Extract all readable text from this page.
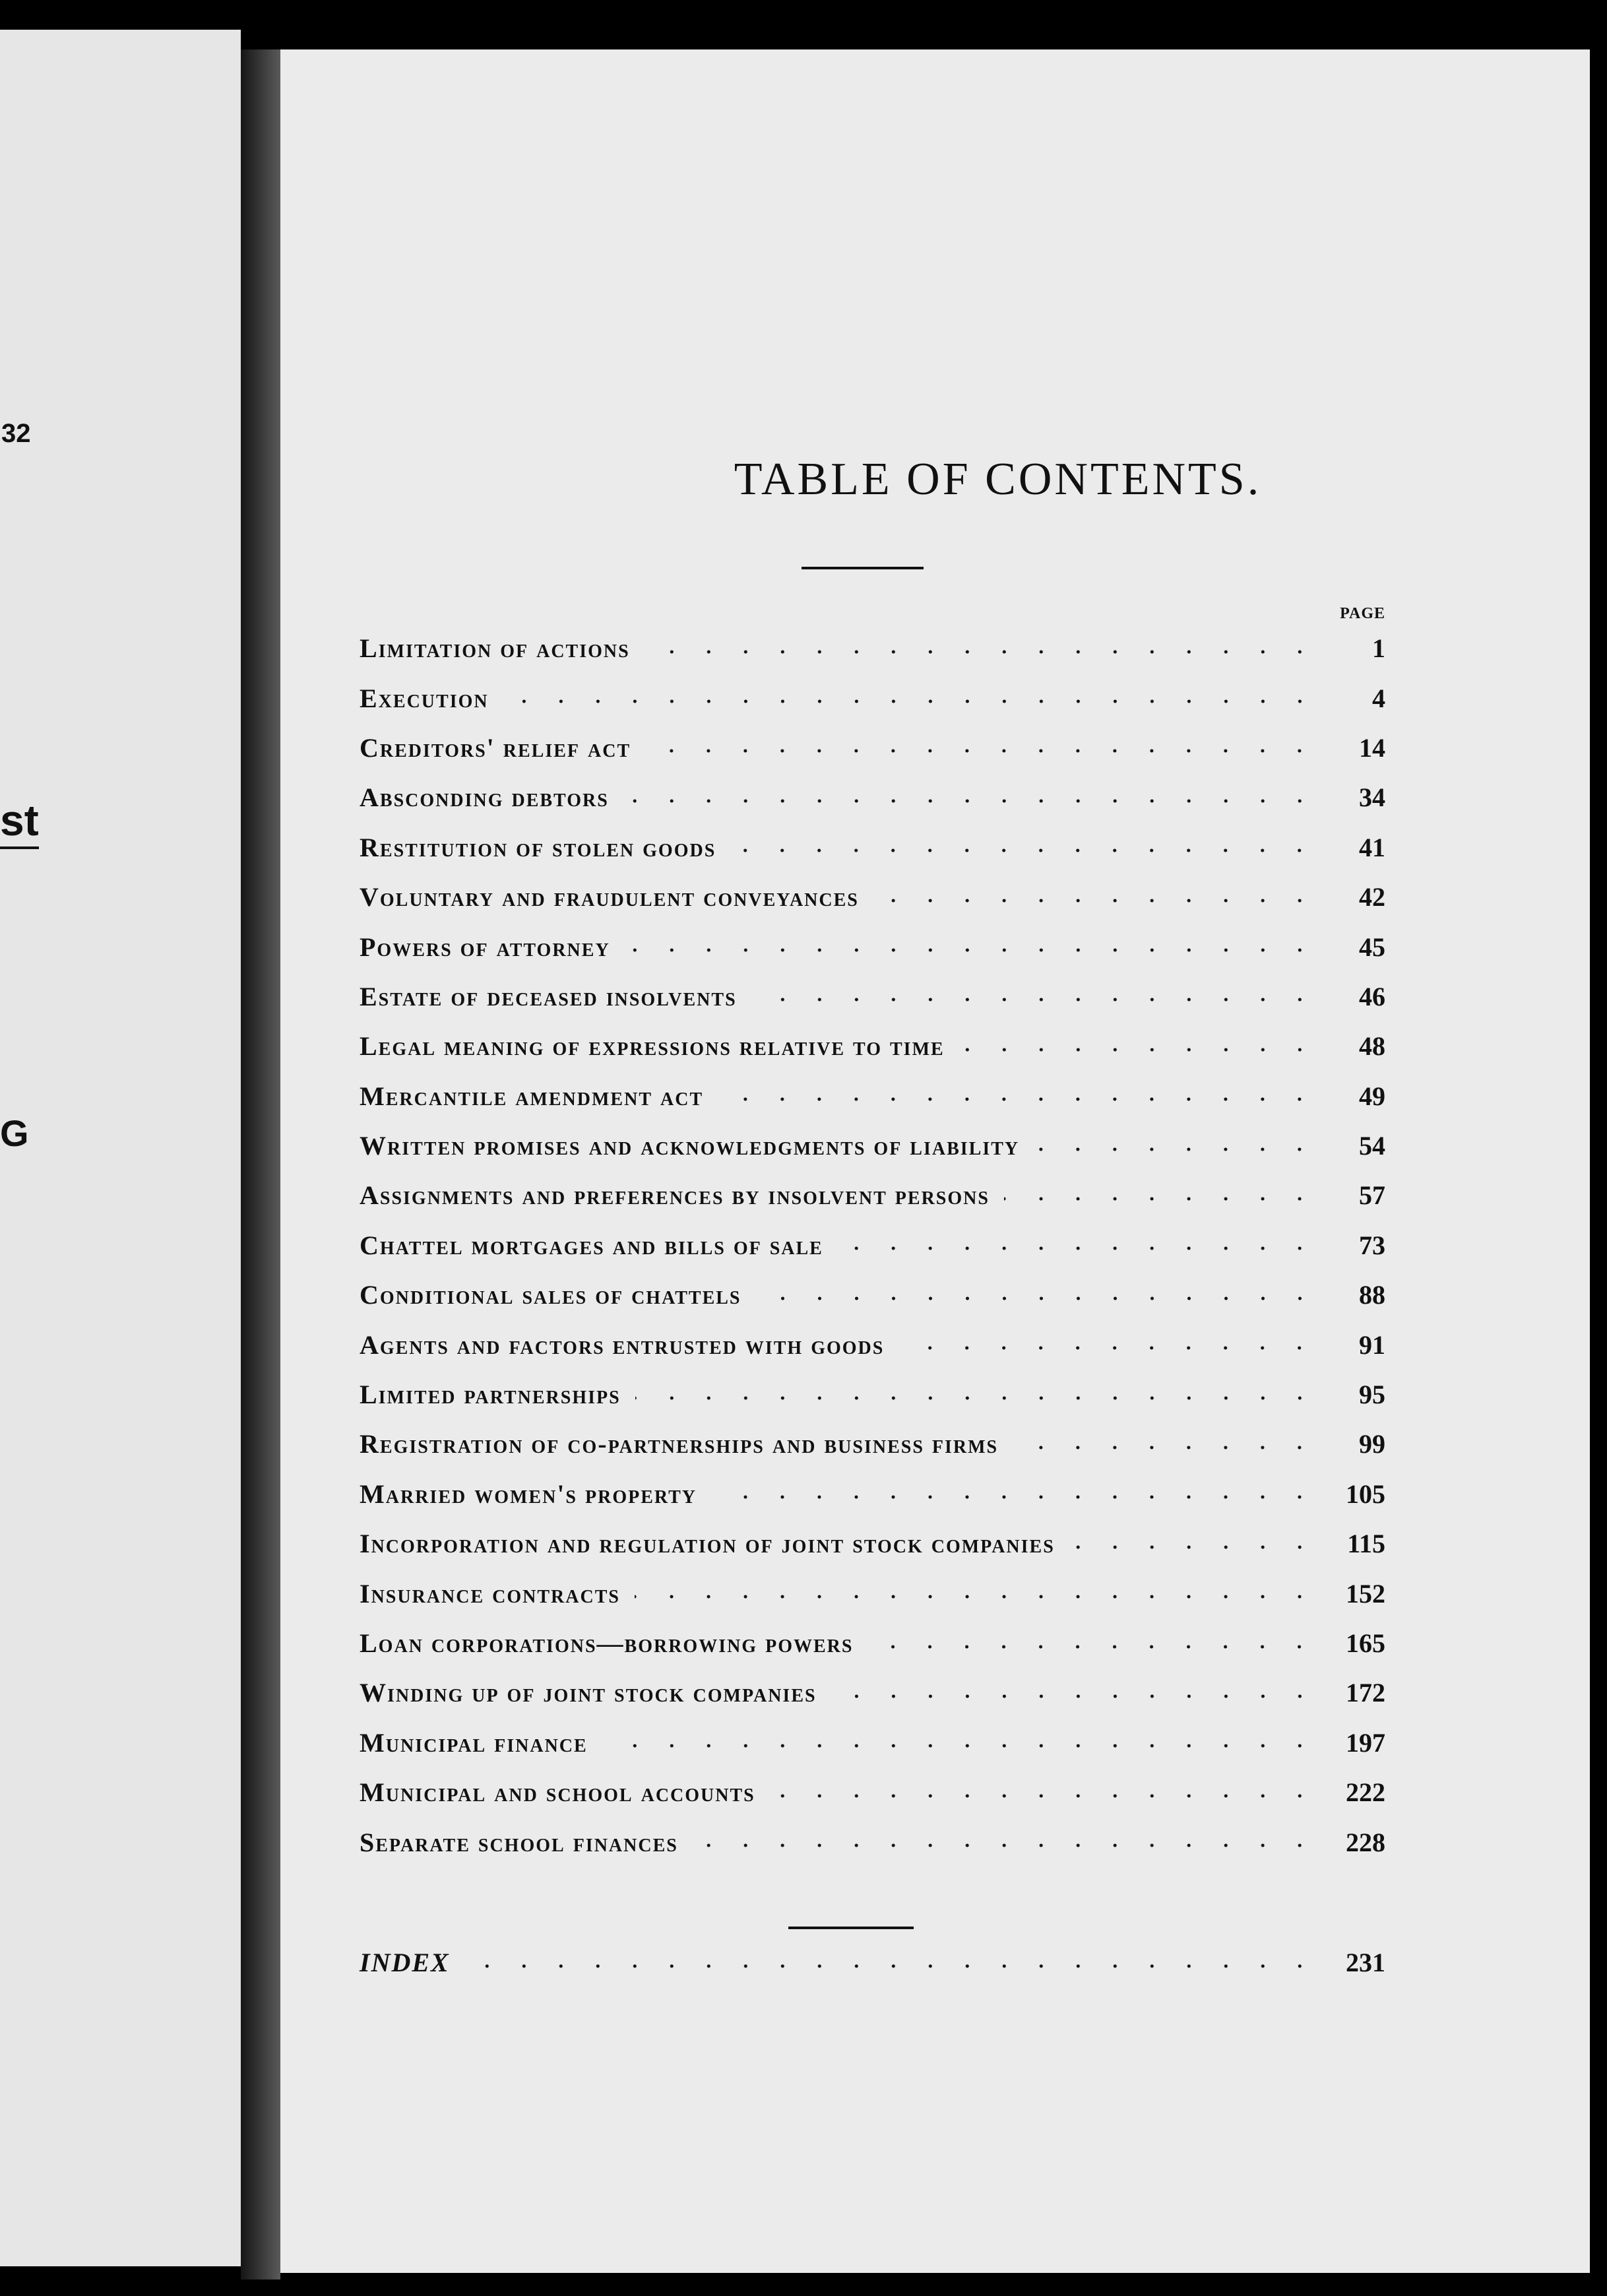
32
st
G
TABLE OF CONTENTS.
PAGE
Limitation of actions	1
Execution	4
Creditors' relief act	14
Absconding debtors	34
Restitution of stolen goods	41
Voluntary and fraudulent conveyances	42
Powers of attorney	45
Estate of deceased insolvents	46
Legal meaning of expressions relative to time	48
Mercantile amendment act	49
Written promises and acknowledgments of liability	54
Assignments and preferences by insolvent persons	57
Chattel mortgages and bills of sale	73
Conditional sales of chattels	88
Agents and factors entrusted with goods	91
Limited partnerships	95
Registration of co-partnerships and business firms	99
Married women's property	105
Incorporation and regulation of joint stock companies	115
Insurance contracts	152
Loan corporations—borrowing powers	165
Winding up of joint stock companies	172
Municipal finance	197
Municipal and school accounts	222
Separate school finances	228
INDEX	231
